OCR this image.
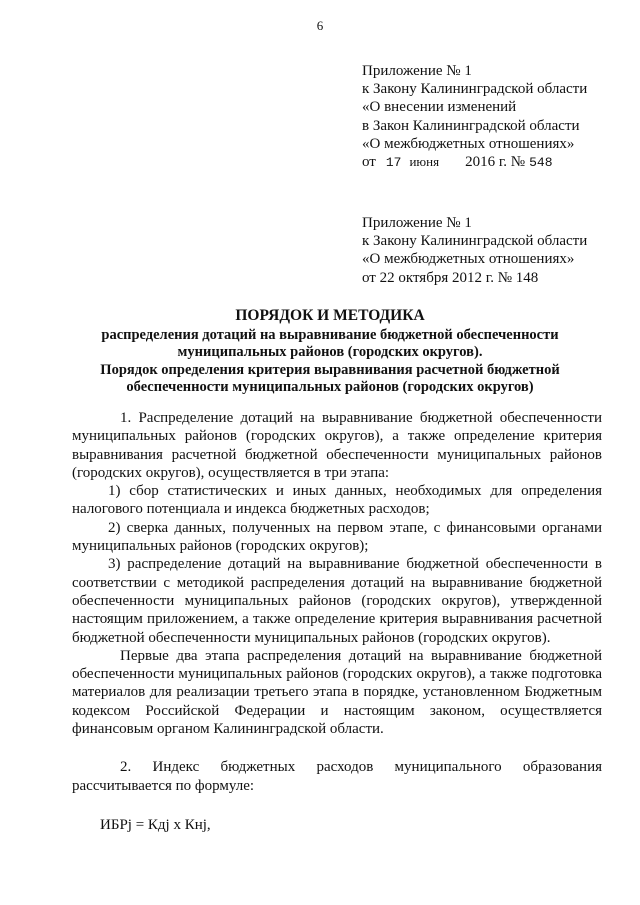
6
Приложение № 1
к Закону Калининградской области
«О внесении изменений
в Закон Калининградской области
«О межбюджетных отношениях»
от 17 июня 2016 г. № 548
Приложение № 1
к Закону Калининградской области
«О межбюджетных отношениях»
от 22 октября 2012 г. № 148
ПОРЯДОК И МЕТОДИКА
распределения дотаций на выравнивание бюджетной обеспеченности
муниципальных районов (городских округов).
Порядок определения критерия выравнивания расчетной бюджетной
обеспеченности муниципальных районов (городских округов)

1. Распределение дотаций на выравнивание бюджетной обеспеченности муниципальных районов (городских округов), а также определение критерия выравнивания расчетной бюджетной обеспеченности муниципальных районов (городских округов), осуществляется в три этапа:

1) сбор статистических и иных данных, необходимых для определения налогового потенциала и индекса бюджетных расходов;

2) сверка данных, полученных на первом этапе, с финансовыми органами муниципальных районов (городских округов);

3) распределение дотаций на выравнивание бюджетной обеспеченности в соответствии с методикой распределения дотаций на выравнивание бюджетной обеспеченности муниципальных районов (городских округов), утвержденной настоящим приложением, а также определение критерия выравнивания расчетной бюджетной обеспеченности муниципальных районов (городских округов).

Первые два этапа распределения дотаций на выравнивание бюджетной обеспеченности муниципальных районов (городских округов), а также подготовка материалов для реализации третьего этапа в порядке, установленном Бюджетным кодексом Российской Федерации и настоящим законом, осуществляется финансовым органом Калининградской области.

2. Индекс бюджетных расходов муниципального образования рассчитывается по формуле:

ИБРj = Кдj x Кнj,
